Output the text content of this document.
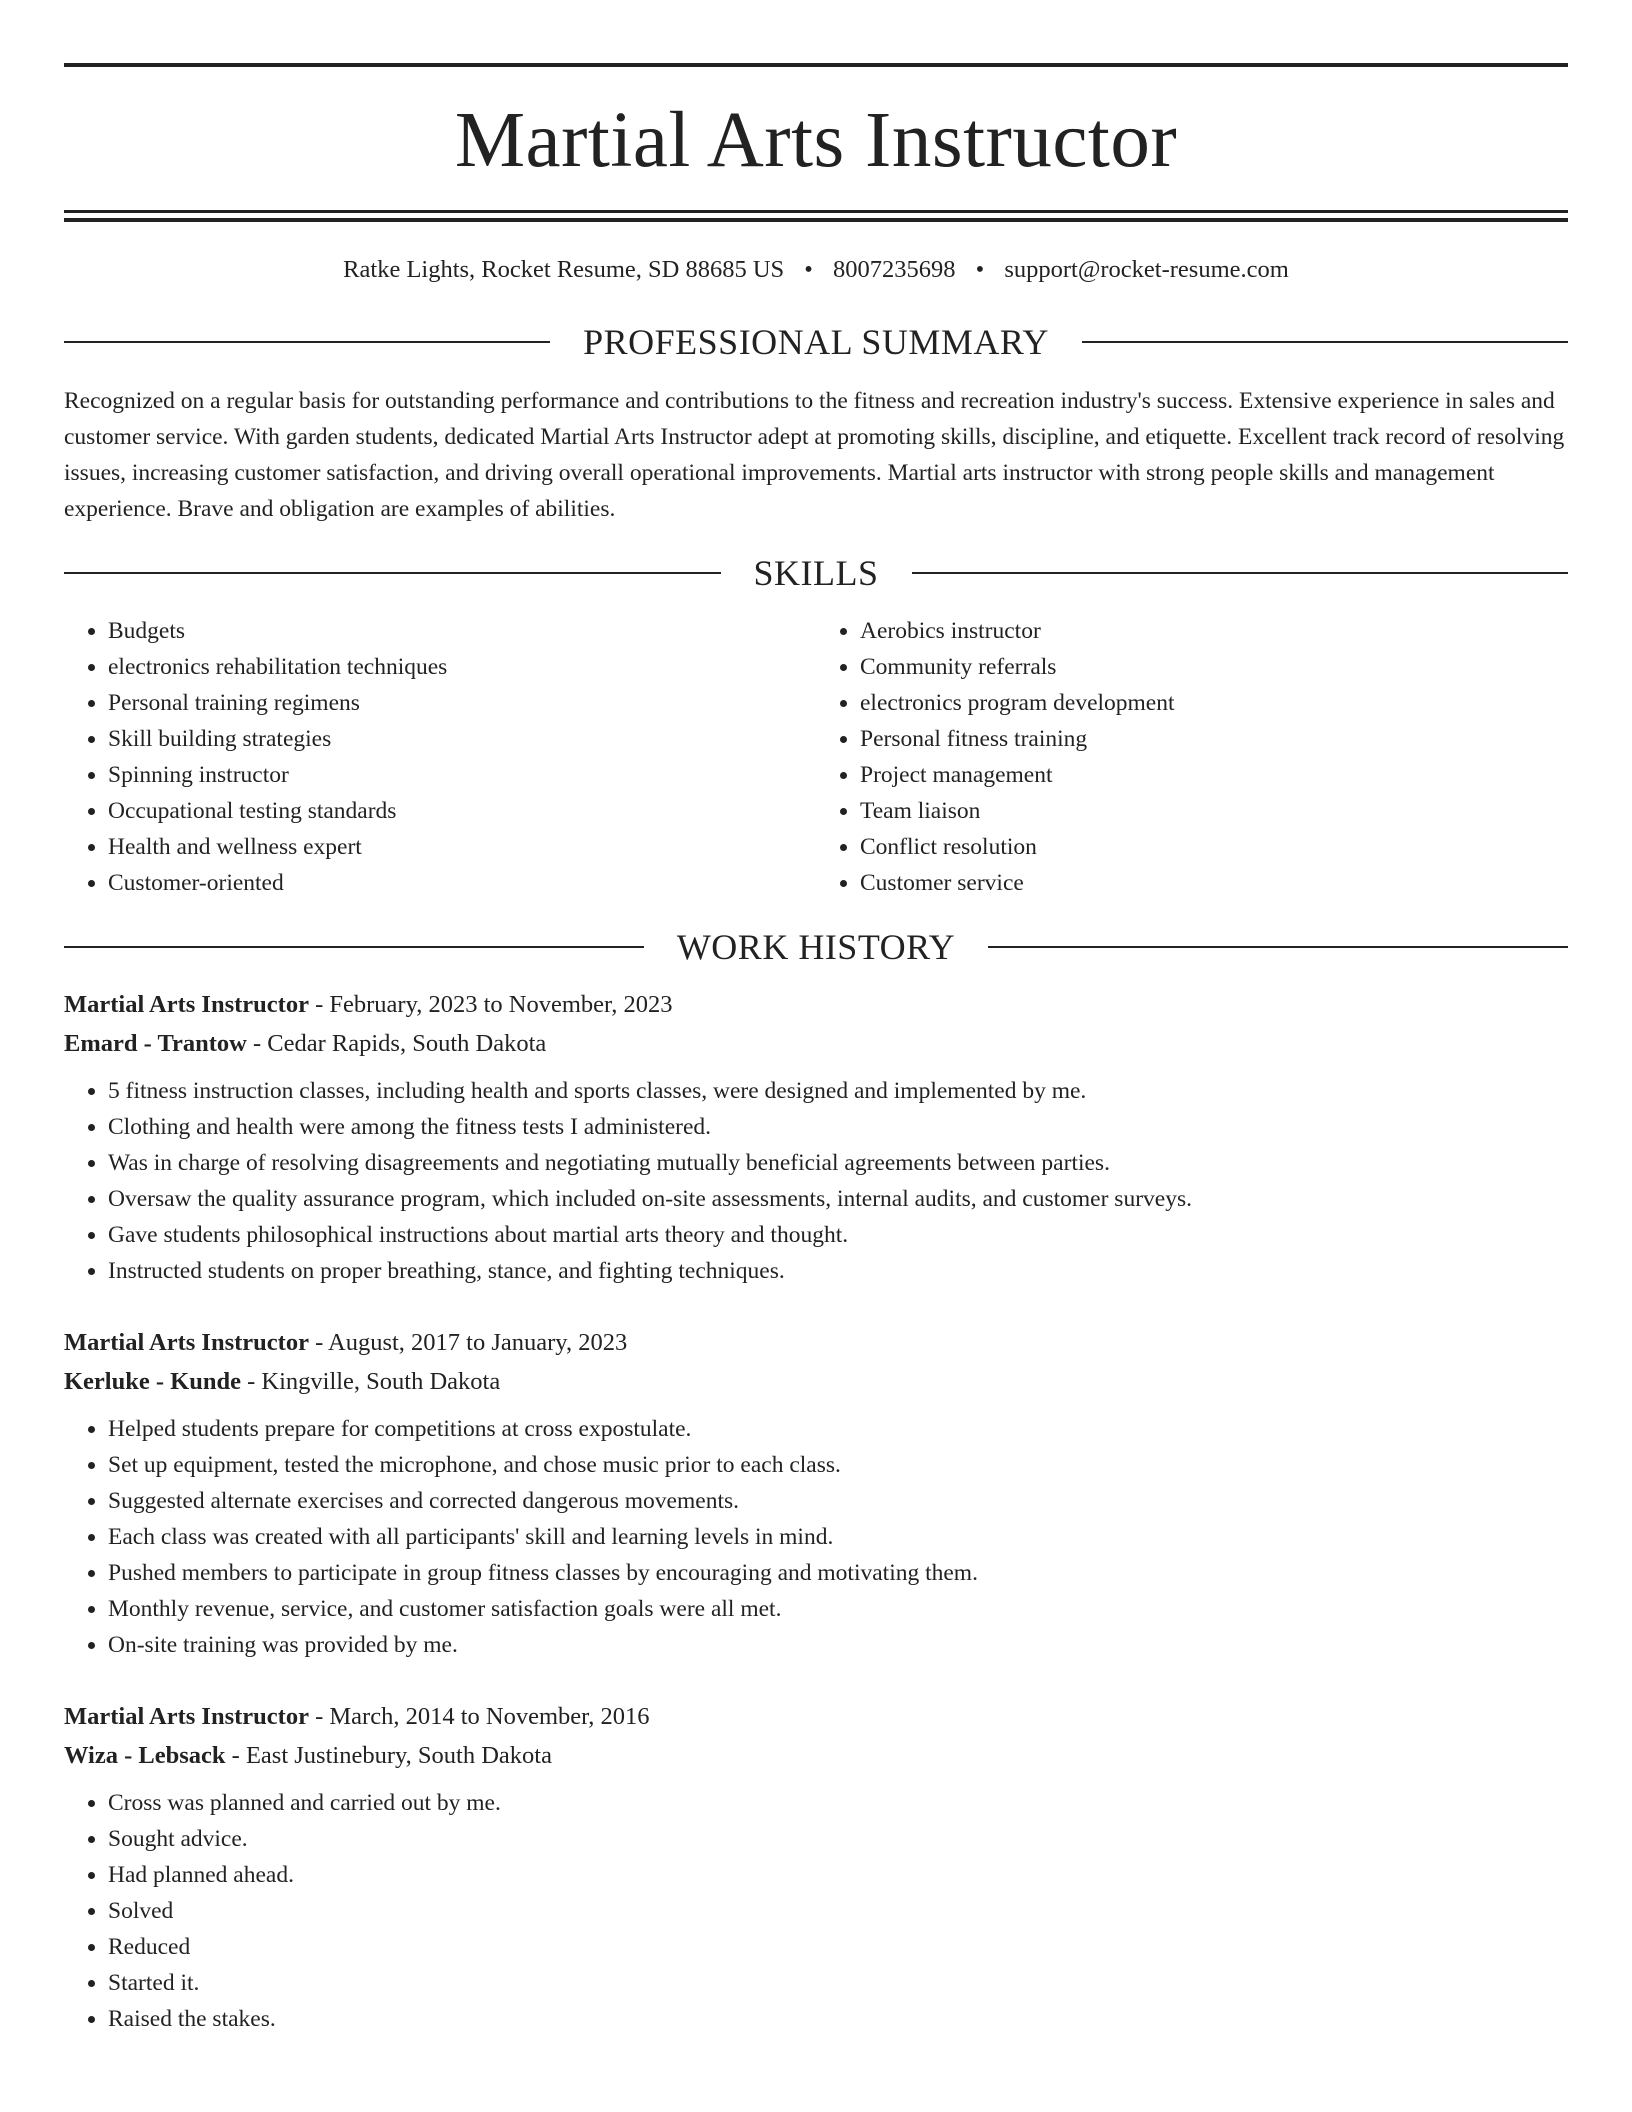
Martial Arts Instructor
Ratke Lights, Rocket Resume, SD 88685 US • 8007235698 • support@rocket-resume.com
PROFESSIONAL SUMMARY

Recognized on a regular basis for outstanding performance and contributions to the fitness and recreation industry's success. Extensive experience in sales and customer service. With garden students, dedicated Martial Arts Instructor adept at promoting skills, discipline, and etiquette. Excellent track record of resolving issues, increasing customer satisfaction, and driving overall operational improvements. Martial arts instructor with strong people skills and management experience. Brave and obligation are examples of abilities.

SKILLS
• Budgets
• electronics rehabilitation techniques
• Personal training regimens
• Skill building strategies
• Spinning instructor
• Occupational testing standards
• Health and wellness expert
• Customer-oriented
• Aerobics instructor
• Community referrals
• electronics program development
• Personal fitness training
• Project management
• Team liaison
• Conflict resolution
• Customer service
WORK HISTORY
Martial Arts Instructor - February, 2023 to November, 2023
Emard - Trantow - Cedar Rapids, South Dakota
• 5 fitness instruction classes, including health and sports classes, were designed and implemented by me.
• Clothing and health were among the fitness tests I administered.
• Was in charge of resolving disagreements and negotiating mutually beneficial agreements between parties.
• Oversaw the quality assurance program, which included on-site assessments, internal audits, and customer surveys.
• Gave students philosophical instructions about martial arts theory and thought.
• Instructed students on proper breathing, stance, and fighting techniques.
Martial Arts Instructor - August, 2017 to January, 2023
Kerluke - Kunde - Kingville, South Dakota
• Helped students prepare for competitions at cross expostulate.
• Set up equipment, tested the microphone, and chose music prior to each class.
• Suggested alternate exercises and corrected dangerous movements.
• Each class was created with all participants' skill and learning levels in mind.
• Pushed members to participate in group fitness classes by encouraging and motivating them.
• Monthly revenue, service, and customer satisfaction goals were all met.
• On-site training was provided by me.
Martial Arts Instructor - March, 2014 to November, 2016
Wiza - Lebsack - East Justinebury, South Dakota
• Cross was planned and carried out by me.
• Sought advice.
• Had planned ahead.
• Solved
• Reduced
• Started it.
• Raised the stakes.
